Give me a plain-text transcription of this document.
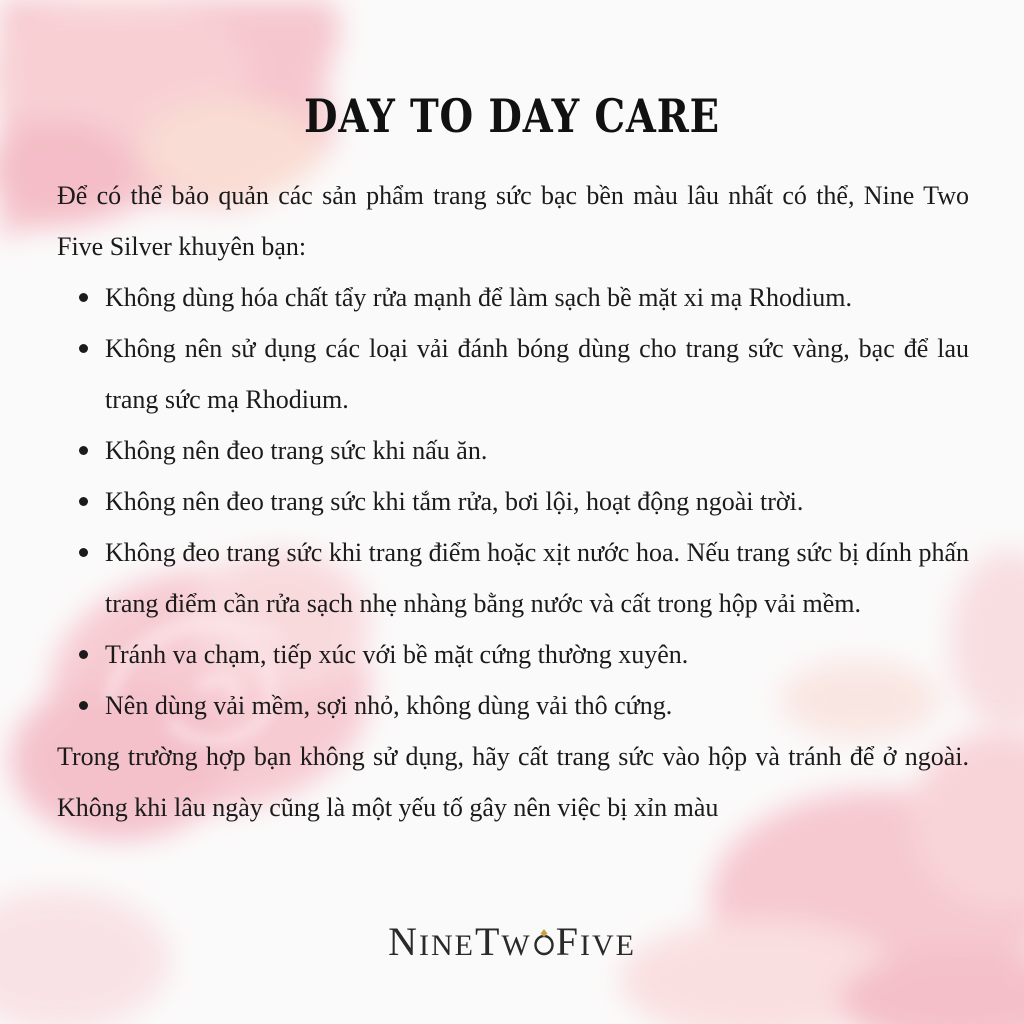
DAY TO DAY CARE

Để có thể bảo quản các sản phẩm trang sức bạc bền màu lâu nhất có thể, Nine Two Five Silver khuyên bạn:

Không dùng hóa chất tẩy rửa mạnh để làm sạch bề mặt xi mạ Rhodium.
Không nên sử dụng các loại vải đánh bóng dùng cho trang sức vàng, bạc để lau trang sức mạ Rhodium.
Không nên đeo trang sức khi nấu ăn.
Không nên đeo trang sức khi tắm rửa, bơi lội, hoạt động ngoài trời.
Không đeo trang sức khi trang điểm hoặc xịt nước hoa. Nếu trang sức bị dính phấn trang điểm cần rửa sạch nhẹ nhàng bằng nước và cất trong hộp vải mềm.
Tránh va chạm, tiếp xúc với bề mặt cứng thường xuyên.
Nên dùng vải mềm, sợi nhỏ, không dùng vải thô cứng.

Trong trường hợp bạn không sử dụng, hãy cất trang sức vào hộp và tránh để ở ngoài. Không khi lâu ngày cũng là một yếu tố gây nên việc bị xỉn màu

NINETW FIVE
